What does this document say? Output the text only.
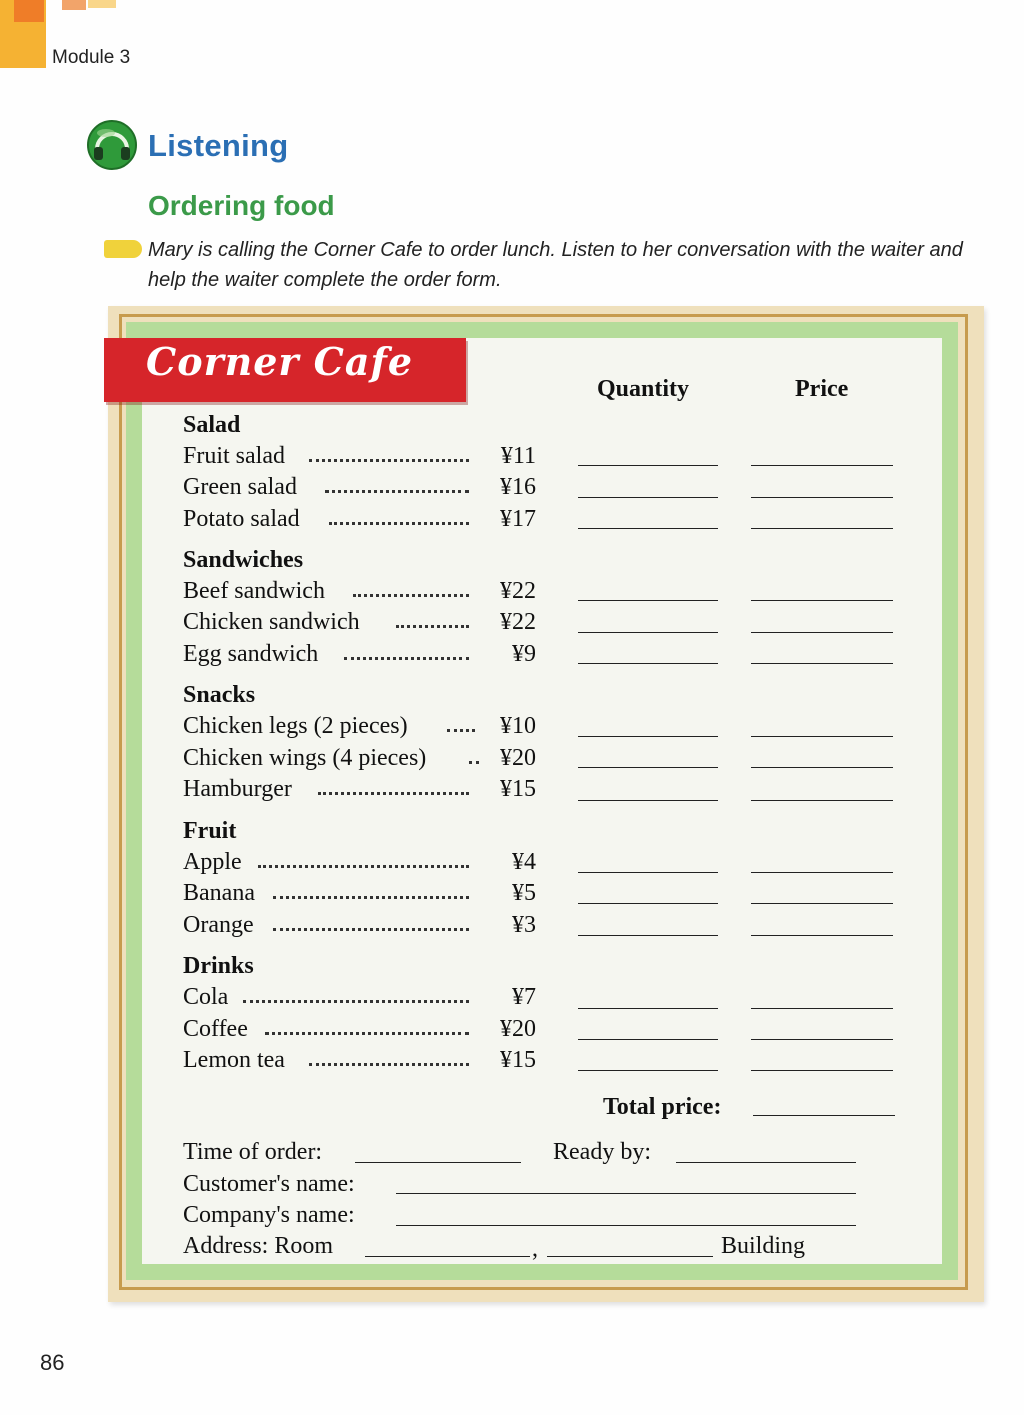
Module 3
Listening
Ordering food
Mary is calling the Corner Cafe to order lunch. Listen to her conversation with the waiter and help the waiter complete the order form.
Corner Cafe
Quantity	Price
Salad
Fruit salad	¥11
Green salad	¥16
Potato salad	¥17
Sandwiches
Beef sandwich	¥22
Chicken sandwich	¥22
Egg sandwich	¥9
Snacks
Chicken legs (2 pieces)	¥10
Chicken wings (4 pieces)	¥20
Hamburger	¥15
Fruit
Apple	¥4
Banana	¥5
Orange	¥3
Drinks
Cola	¥7
Coffee	¥20
Lemon tea	¥15
Total price:
Time of order:	Ready by:
Customer's name:
Company's name:
Address: Room	,	Building
86
